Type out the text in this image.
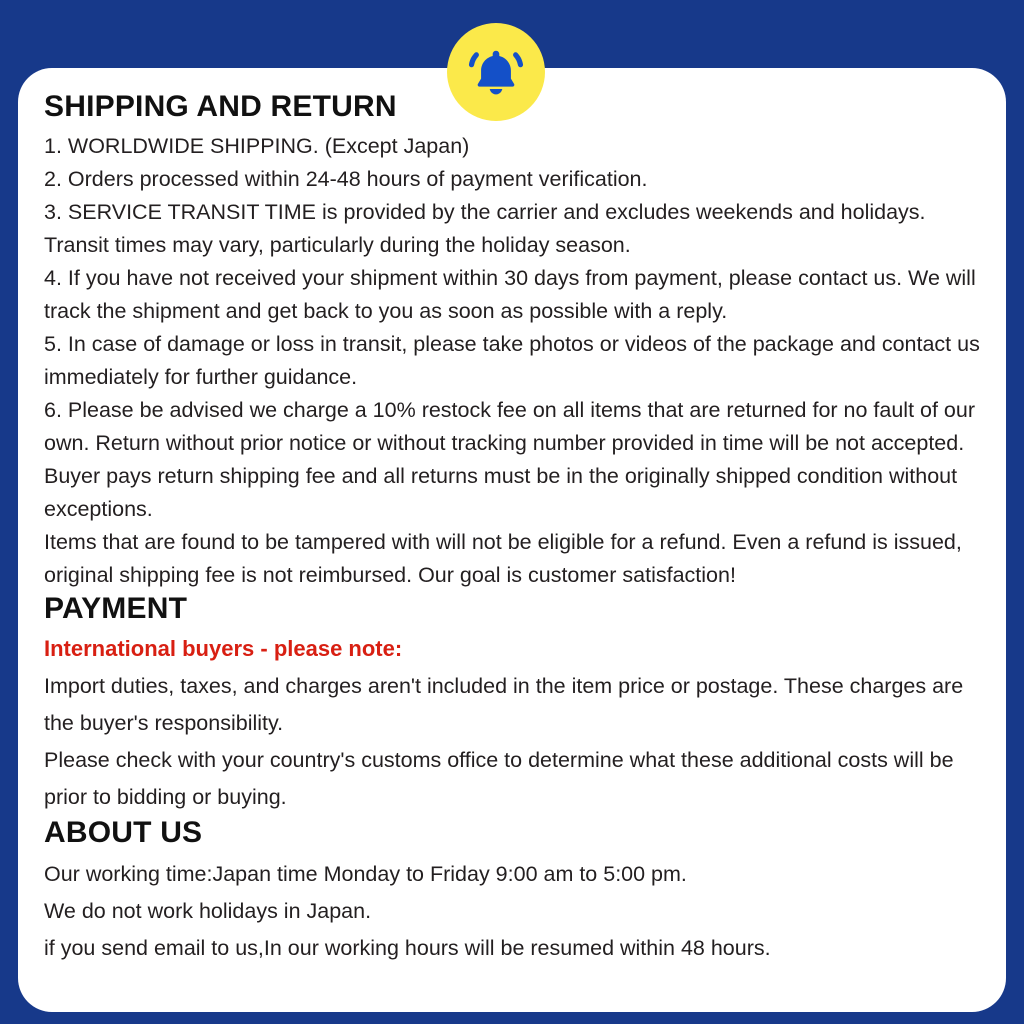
SHIPPING AND RETURN

1. WORLDWIDE SHIPPING. (Except Japan)

2. Orders processed within 24-48 hours of payment verification.

3. SERVICE TRANSIT TIME is provided by the carrier and excludes weekends and holidays. Transit times may vary, particularly during the holiday season.

4. If you have not received your shipment within 30 days from payment, please contact us. We will track the shipment and get back to you as soon as possible with a reply.

5. In case of damage or loss in transit, please take photos or videos of the package and contact us immediately for further guidance.

6. Please be advised we charge a 10% restock fee on all items that are returned for no fault of our own. Return without prior notice or without tracking number provided in time will be not accepted. Buyer pays return shipping fee and all returns must be in the originally shipped condition without exceptions.

Items that are found to be tampered with will not be eligible for a refund. Even a refund is issued, original shipping fee is not reimbursed. Our goal is customer satisfaction!

PAYMENT

International buyers - please note:

Import duties, taxes, and charges aren't included in the item price or postage. These charges are the buyer's responsibility.

Please check with your country's customs office to determine what these additional costs will be prior to bidding or buying.

ABOUT US

Our working time:Japan time Monday to Friday 9:00 am to 5:00 pm.

We do not work holidays in Japan.

if you send email to us,In our working hours will be resumed within 48 hours.
